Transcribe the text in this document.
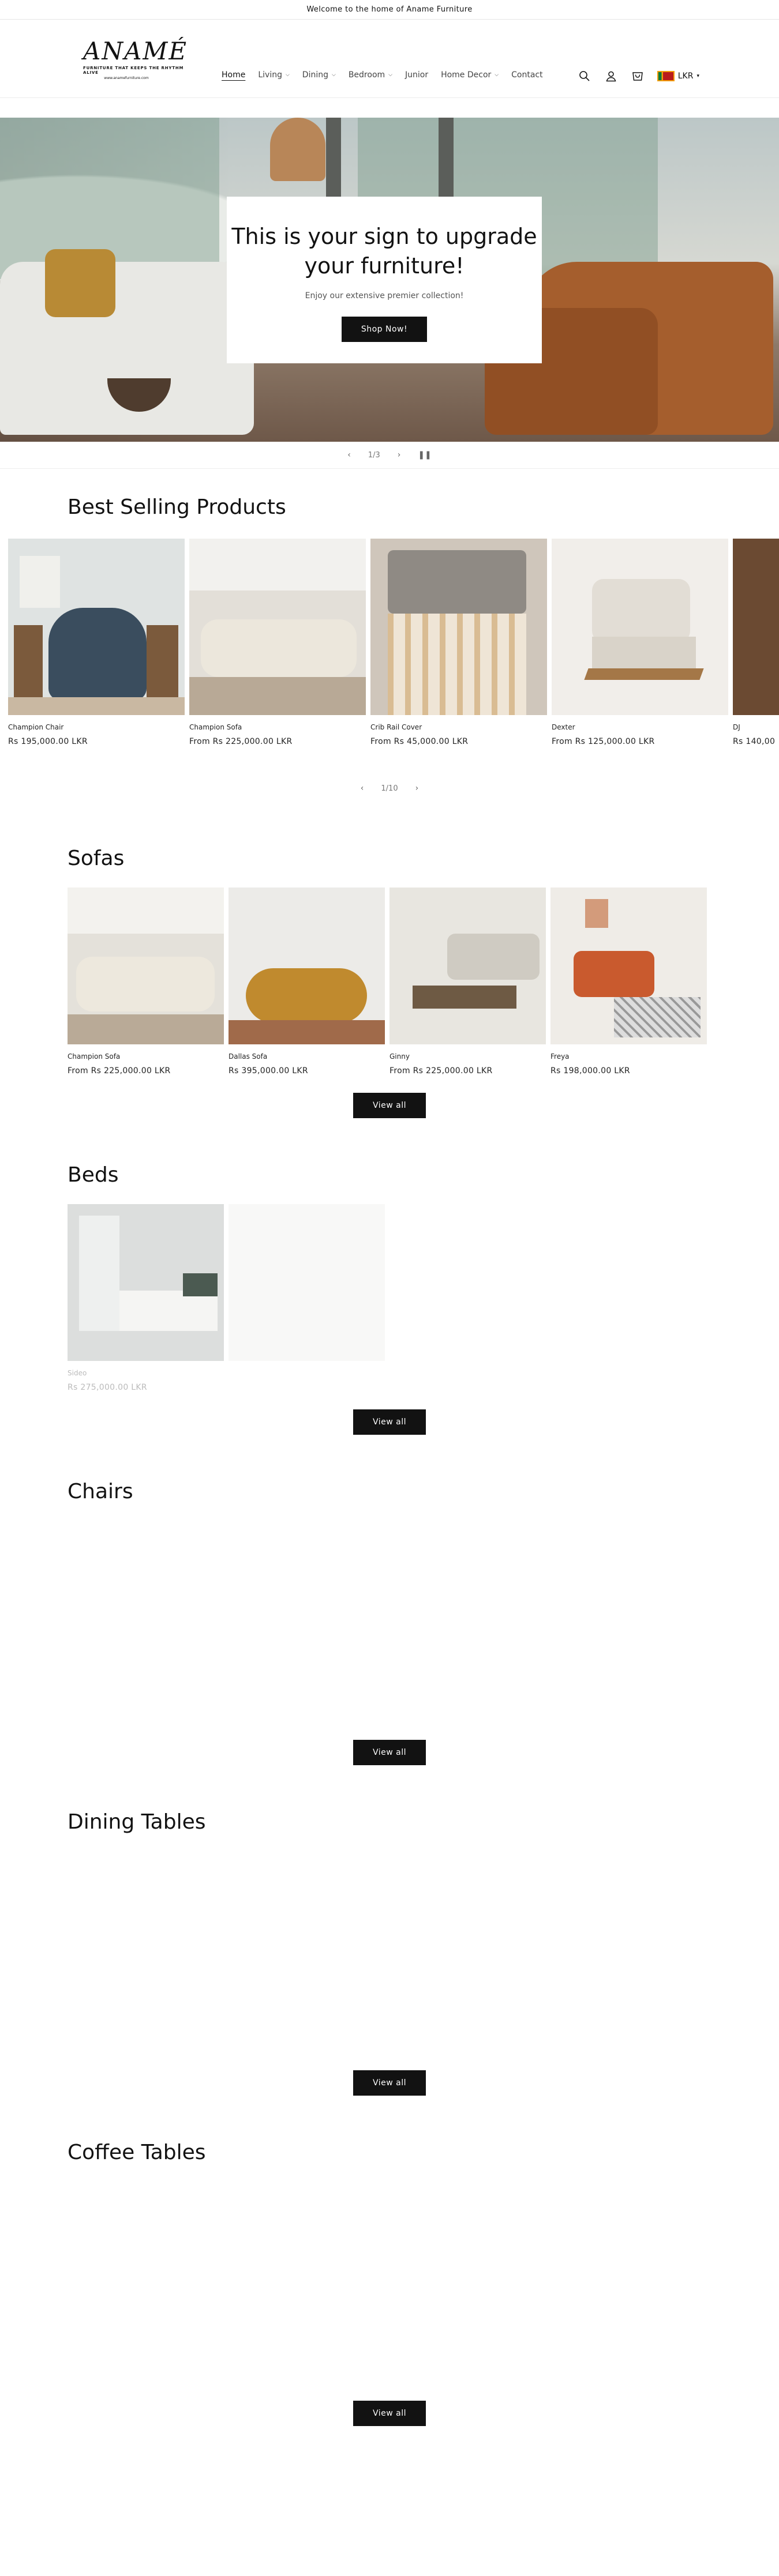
Welcome to the home of Aname Furniture
ANAMÉ
FURNITURE THAT KEEPS THE RHYTHM ALIVE
www.anamefurniture.com	Home Living ⌵ Dining ⌵ Bedroom ⌵ Junior Home Decor ⌵ Contact	LKR ▾
This is your sign to upgrade your furniture!

Enjoy our extensive premier collection!

Shop Now!
‹ 1/3 › ❚❚
Best Selling Products
Champion Chair
Rs 195,000.00 LKR
Champion Sofa
From Rs 225,000.00 LKR
Crib Rail Cover
From Rs 45,000.00 LKR
Dexter
From Rs 125,000.00 LKR
DJ
Rs 140,00
‹ 1/10 ›
Sofas
Champion Sofa
From Rs 225,000.00 LKR
Dallas Sofa
Rs 395,000.00 LKR
Ginny
From Rs 225,000.00 LKR
Freya
Rs 198,000.00 LKR
View all
Beds
Sideo
Rs 275,000.00 LKR
View all
Chairs
View all
Dining Tables
View all
Coffee Tables
View all
